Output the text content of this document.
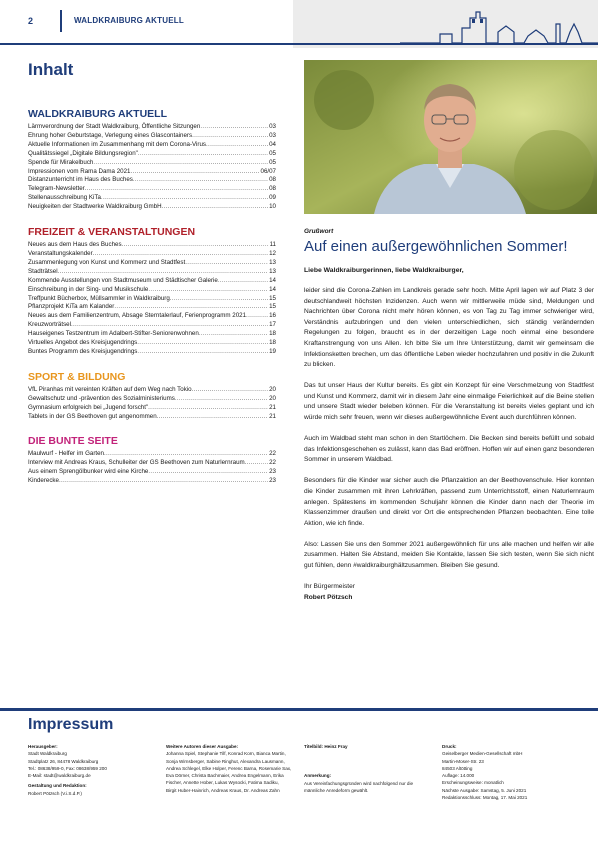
2	WALDKRAIBURG AKTUELL
Inhalt
WALDKRAIBURG AKTUELL
Lärmverordnung der Stadt Waldkraiburg, Öffentliche Sitzungen .....	03
Ehrung hoher Geburtstage, Verlegung eines Glascontainers .....	03
Aktuelle Informationen im Zusammenhang mit dem Corona-Virus .....	04
Qualitätssiegel „Digitale Bildungsregion" .....	05
Spende für Mirakelbuch .....	05
Impressionen vom Rama Dama 2021 .....	06/07
Distanzunterricht im Haus des Buches .....	08
Telegram-Newsletter .....	08
Stellenausschreibung KiTa .....	09
Neuigkeiten der Stadtwerke Waldkraiburg GmbH .....	10
FREIZEIT & VERANSTALTUNGEN
Neues aus dem Haus des Buches .....	11
Veranstaltungskalender .....	12
Zusammenlegung von Kunst und Kommerz und Stadtfest .....	13
Stadträtsel .....	13
Kommende Ausstellungen von Stadtmuseum und Städtischer Galerie .....	14
Einschreibung in der Sing- und Musikschule .....	14
Treffpunkt Bücherbox, Müllsammler in Waldkraiburg .....	15
Pflanzprojekt KiTa am Kalander .....	15
Neues aus dem Familienzentrum, Absage Sterntalerlauf, Ferienprogramm 2021 .....	16
Kreuzworträtsel .....	17
Hauseigenes Testzentrum im Adalbert-Stifter-Seniorenwohnen .....	18
Virtuelles Angebot des Kreisjugendrings .....	18
Buntes Programm des Kreisjugendrings .....	19
SPORT & BILDUNG
VfL Piranhas mit vereinten Kräften auf dem Weg nach Tokio .....	20
Gewaltschutz und -prävention des Sozialministeriums .....	20
Gymnasium erfolgreich bei „Jugend forscht" .....	21
Tablets in der GS Beethoven gut angenommen .....	21
DIE BUNTE SEITE
Maulwurf - Helfer im Garten .....	22
Interview mit Andreas Kraus, Schulleiter der GS Beethoven zum Naturlernraum .....	22
Aus einem Sprengölbunker wird eine Kirche .....	23
Kinderecke .....	23
Grußwort
Auf einen außergewöhnlichen Sommer!
Liebe Waldkraiburgerinnen, liebe Waldkraiburger,

leider sind die Corona-Zahlen im Landkreis gerade sehr hoch. Mitte April lagen wir auf Platz 3 der deutschlandweit höchsten Inzidenzen. Auch wenn wir mittlerweile müde sind, Meldungen und Nachrichten über Corona nicht mehr hören können, es von Tag zu Tag immer schwieriger wird, Verständnis aufzubringen und den vielen unterschiedlichen, sich ständig verändernden Regelungen zu folgen, braucht es in der derzeitigen Lage noch einmal eine besondere Kraftanstrengung von uns Allen. Ich bitte Sie um Ihre Unterstützung, damit wir gemeinsam die Infektionsketten brechen, um das öffentliche Leben wieder hochzufahren und positiv in die Zukunft zu blicken.

Das tut unser Haus der Kultur bereits. Es gibt ein Konzept für eine Verschmelzung von Stadtfest und Kunst und Kommerz, damit wir in diesem Jahr eine einmalige Feierlichkeit auf die Beine stellen und unsere Stadt wieder beleben können. Für die Veranstaltung ist bereits vieles geplant und ich würde mich sehr freuen, wenn wir dieses außergewöhnliche Event auch durchführen können.

Auch im Waldbad steht man schon in den Startlöchern. Die Becken sind bereits befüllt und sobald das Infektionsgeschehen es zulässt, kann das Bad eröffnen. Hoffen wir auf einen ganz besonderen Sommer in unserem Waldbad.

Besonders für die Kinder war sicher auch die Pflanzaktion an der Beethovenschule. Hier konnten die Kinder zusammen mit ihren Lehrkräften, passend zum Unterrichtsstoff, einen Naturlernraum anlegen. Spätestens im kommenden Schuljahr können die Kinder dann nach der Theorie im Klassenzimmer draußen und direkt vor Ort die entsprechenden Pflanzen beobachten. Eine tolle Aktion, wie ich finde.

Also: Lassen Sie uns den Sommer 2021 außergewöhnlich für uns alle machen und helfen wir alle zusammen. Halten Sie Abstand, meiden Sie Kontakte, lassen Sie sich testen, wenn Sie sich nicht gut fühlen, denn #waldkraiburghältzusammen. Bleiben Sie gesund.

Ihr Bürgermeister
Robert Pötzsch
Impressum
Herausgeber:
Stadt Waldkraiburg
Stadtplatz 26, 84478 Waldkraiburg
Tel.: 08638/959-0, Fax: 08638/959 200
E-Mail: stadt@waldkraiburg.de
Gestaltung und Redaktion:
Robert Pötzsch (V.i.S.d.P.)
Weitere Autoren dieser Ausgabe:
Johanna Spiel, Stephanie Tilf, Konrad Korn, Bianca Martin,
Sonja Wirnsberger, Sabine Ringhut, Alexandra Lausmann,
Andrea Schlegel, Elke Holper, Ferenc Barna, Rosemarie Sax,
Eva Dörner, Christa Bachmaier, Andrea Engelmann, Erika
Fischer, Annette Hober, Lukas Wysocki, Fatima Sadiku,
Birgit Huber-Hainrich, Andreas Kraus, Dr. Andreas Zahn
Titelbild: Heinz Fray
Anmerkung:
Aus Vereinfachungsgründen wird nachfolgend nur die
männliche Anredeform gewählt.
Druck:
Geiselberger Medien-Gesellschaft mbH
Martin-Moser-Str. 23
84503 Altötting
Auflage: 14.000
Erscheinungsweise: monatlich
Nächste Ausgabe: Samstag, 5. Juni 2021
Redaktionsschluss: Montag, 17. Mai 2021
